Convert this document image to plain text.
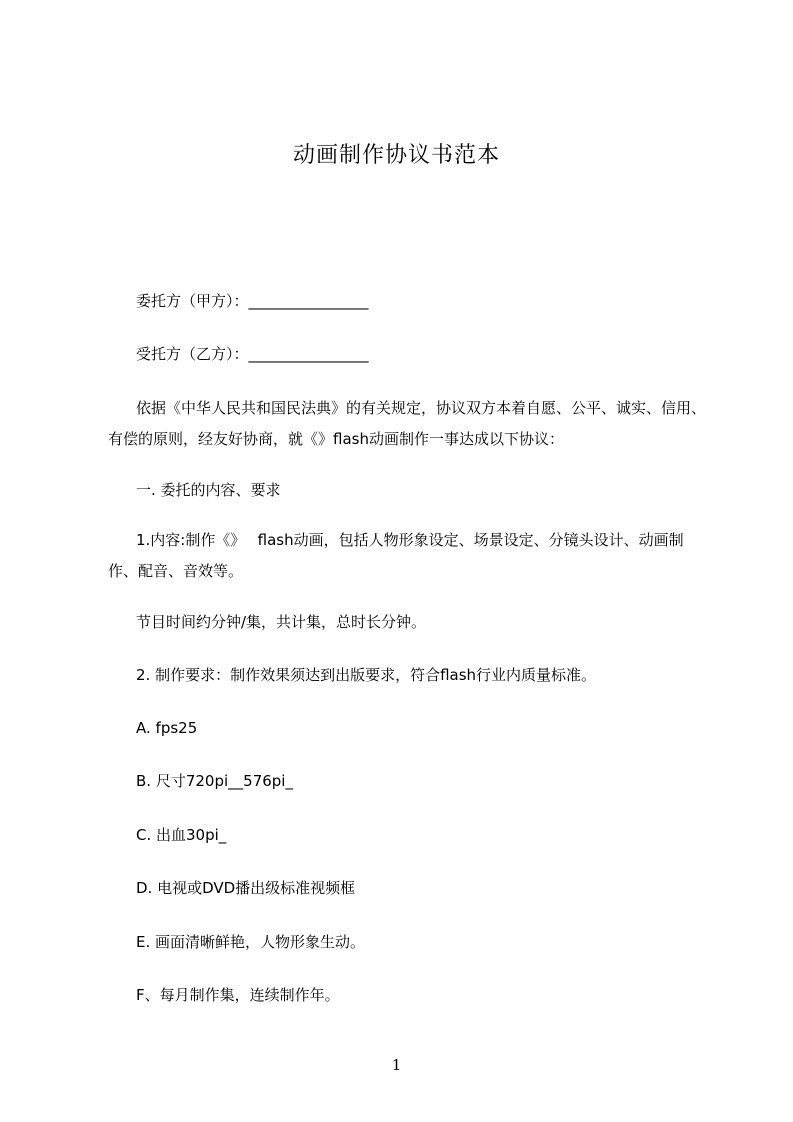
动画制作协议书范本
委托方（甲方）：________________
受托方（乙方）：________________
依据《中华人民共和国民法典》的有关规定，协议双方本着自愿、公平、诚实、信用、有偿的原则，经友好协商，就《》flash动画制作一事达成以下协议：
一. 委托的内容、要求
1.内容:制作《》　 flash动画，包括人物形象设定、场景设定、分镜头设计、动画制作、配音、音效等。
节目时间约分钟/集，共计集，总时长分钟。
2. 制作要求：制作效果须达到出版要求，符合flash行业内质量标准。
A. fps25
B. 尺寸720pi__576pi_
C. 出血30pi_
D. 电视或DVD播出级标准视频框
E. 画面清晰鲜艳，人物形象生动。
F、每月制作集，连续制作年。
1
